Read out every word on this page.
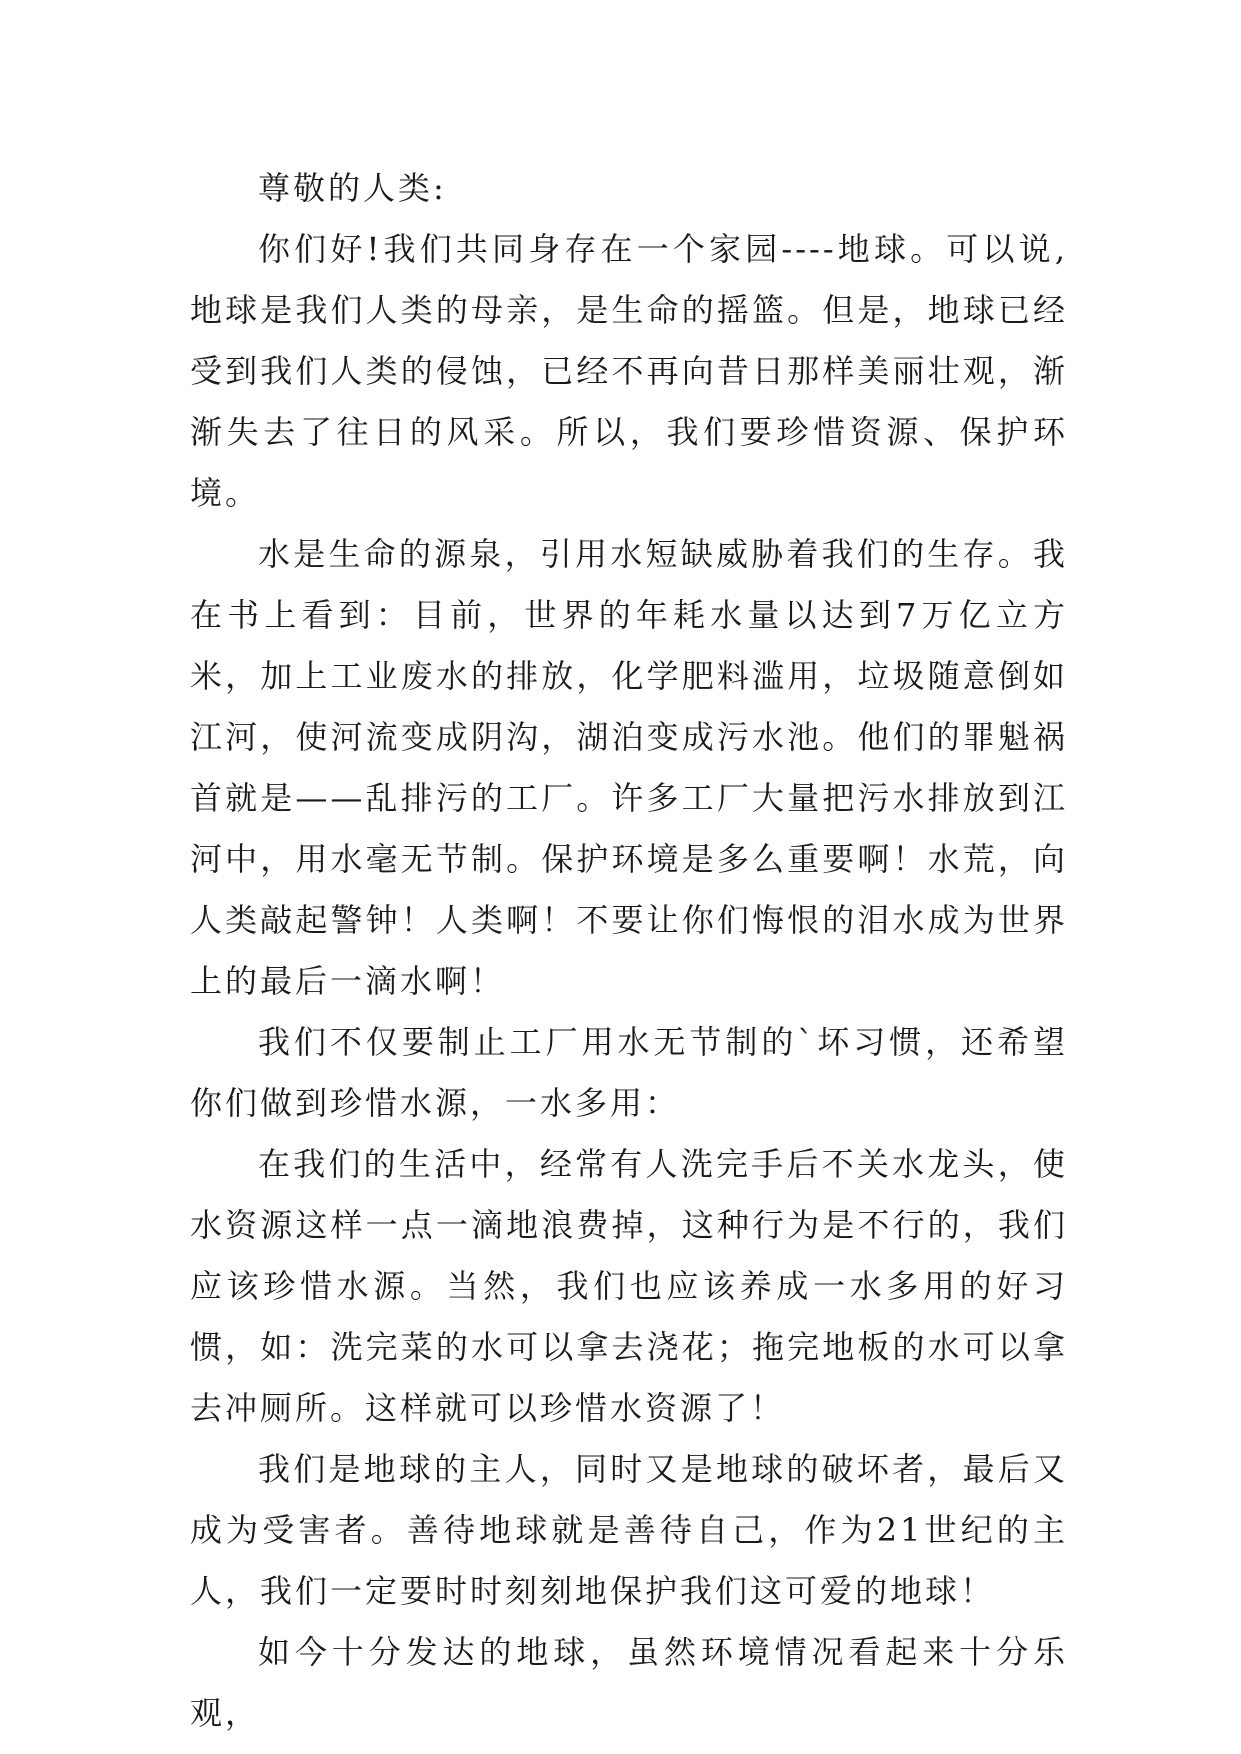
尊敬的人类:

你们好!我们共同身存在一个家园----地球。可以说,地球是我们人类的母亲，是生命的摇篮。但是，地球已经受到我们人类的侵蚀，已经不再向昔日那样美丽壮观，渐渐失去了往日的风采。所以，我们要珍惜资源、保护环境。

水是生命的源泉，引用水短缺威胁着我们的生存。我在书上看到：目前，世界的年耗水量以达到7万亿立方米，加上工业废水的排放，化学肥料滥用，垃圾随意倒如江河，使河流变成阴沟，湖泊变成污水池。他们的罪魁祸首就是——乱排污的工厂。许多工厂大量把污水排放到江河中，用水毫无节制。保护环境是多么重要啊！水荒，向人类敲起警钟！人类啊！不要让你们悔恨的泪水成为世界上的最后一滴水啊！

我们不仅要制止工厂用水无节制的`坏习惯，还希望你们做到珍惜水源，一水多用：

在我们的生活中，经常有人洗完手后不关水龙头，使水资源这样一点一滴地浪费掉，这种行为是不行的，我们应该珍惜水源。当然，我们也应该养成一水多用的好习惯，如：洗完菜的水可以拿去浇花；拖完地板的水可以拿去冲厕所。这样就可以珍惜水资源了！

我们是地球的主人，同时又是地球的破坏者，最后又成为受害者。善待地球就是善待自己，作为21世纪的主人，我们一定要时时刻刻地保护我们这可爱的地球！

如今十分发达的地球，虽然环境情况看起来十分乐观，
